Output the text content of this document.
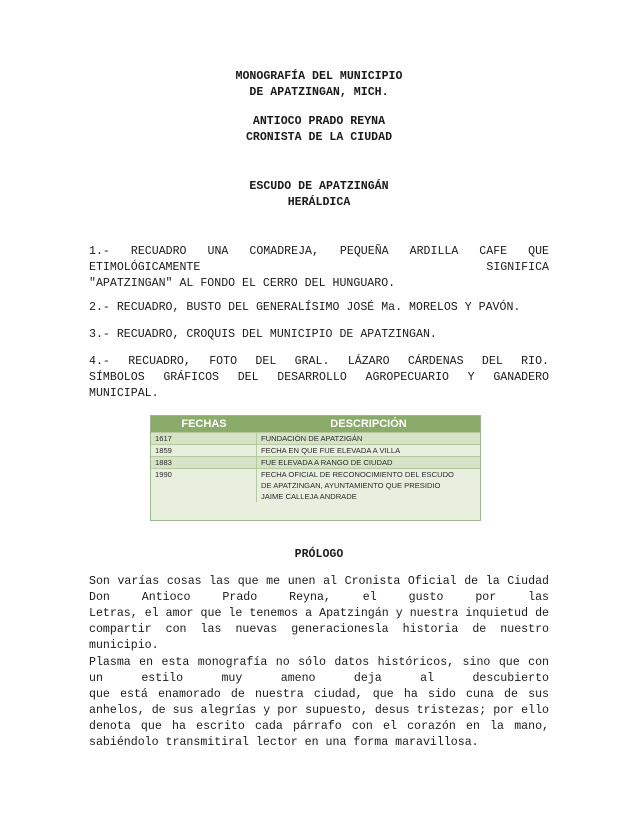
MONOGRAFÍA DEL MUNICIPIO
DE APATZINGAN, MICH.
ANTIOCO PRADO REYNA
CRONISTA DE LA CIUDAD
ESCUDO DE APATZINGÁN
HERÁLDICA
1.- RECUADRO UNA COMADREJA, PEQUEÑA ARDILLA CAFE QUE
ETIMOLÓGICAMENTE SIGNIFICA
"APATZINGAN" AL FONDO EL CERRO DEL HUNGUARO.
2.- RECUADRO, BUSTO DEL GENERALÍSIMO JOSÉ Ma. MORELOS Y PAVÓN.
3.- RECUADRO, CROQUIS DEL MUNICIPIO DE APATZINGAN.
4.- RECUADRO, FOTO DEL GRAL. LÁZARO CÁRDENAS DEL RIO.
SÍMBOLOS GRÁFICOS DEL DESARROLLO AGROPECUARIO Y GANADERO
MUNICIPAL.
FECHAS	DESCRIPCIÓN
1617	FUNDACIÓN DE APATZIGÁN
1859	FECHA EN QUE FUE ELEVADA A VILLA
1883	FUE ELEVADA A RANGO DE CIUDAD
1990	FECHA OFICIAL DE RECONOCIMIENTO DEL ESCUDO
DE APATZINGAN, AYUNTAMIENTO QUE PRESIDIO
JAIME CALLEJA ANDRADE
PRÓLOGO
Son varías cosas las que me unen al Cronista Oficial de la Ciudad
Don Antioco Prado Reyna, el gusto por las
Letras, el amor que le tenemos a Apatzingán y nuestra inquietud de
compartir con las nuevas generacionesla historia de nuestro
municipio.
Plasma en esta monografía no sólo datos históricos, sino que con
un estilo muy ameno deja al descubierto
que está enamorado de nuestra ciudad, que ha sido cuna de sus
anhelos, de sus alegrías y por supuesto, desus tristezas; por ello
denota que ha escrito cada párrafo con el corazón en la mano,
sabiéndolo transmitiral lector en una forma maravillosa.
